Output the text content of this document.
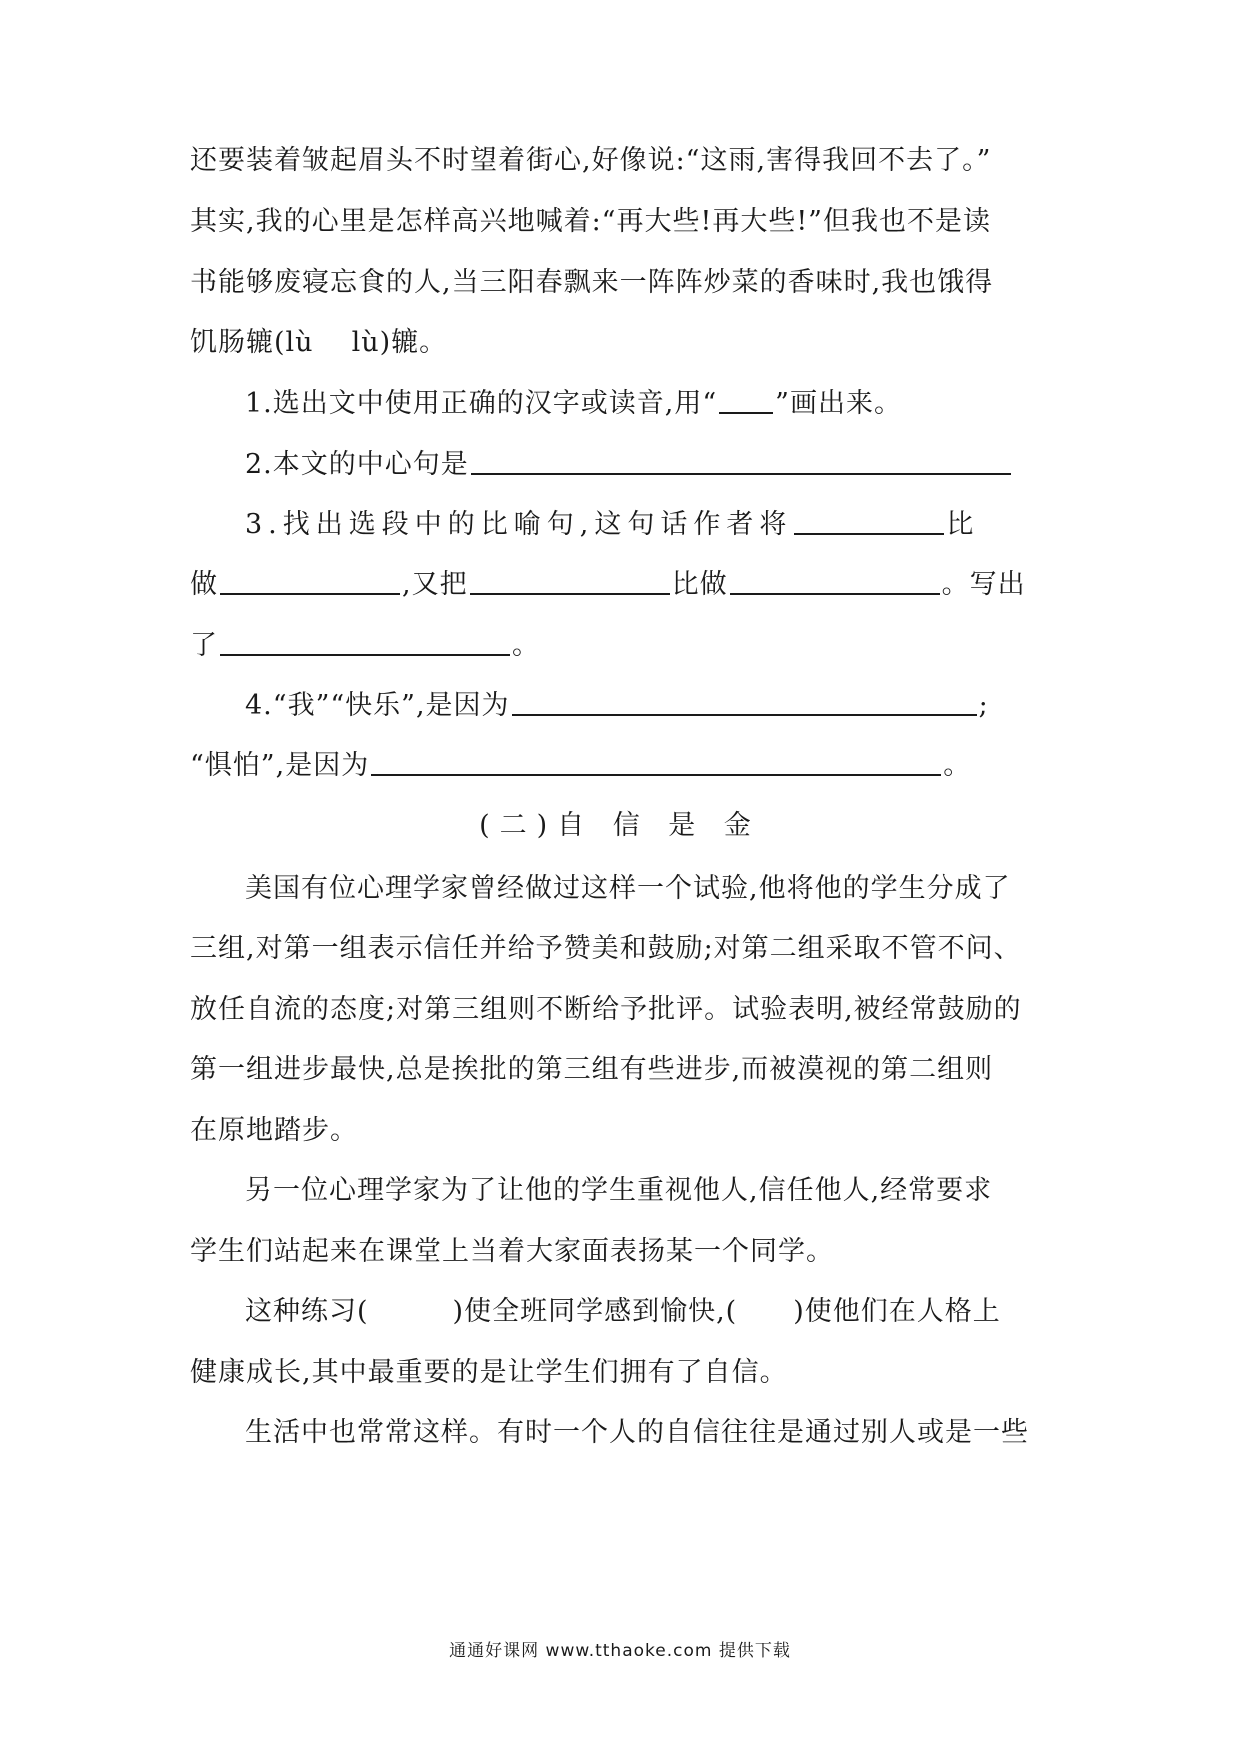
还要装着皱起眉头不时望着街心,好像说:“这雨,害得我回不去了。”
其实,我的心里是怎样高兴地喊着:“再大些!再大些!”但我也不是读
书能够废寝忘食的人,当三阳春飘来一阵阵炒菜的香味时,我也饿得
饥肠辘(lù lù)辘。
1.选出文中使用正确的汉字或读音,用“ ”画出来。
2.本文的中心句是
3.找出选段中的比喻句,这句话作者将	比
做	,又把	比做	。写出
了	。
4.“我”“快乐”,是因为	;
“惧怕”,是因为	。
(二)自 信 是 金
美国有位心理学家曾经做过这样一个试验,他将他的学生分成了
三组,对第一组表示信任并给予赞美和鼓励;对第二组采取不管不问、
放任自流的态度;对第三组则不断给予批评。试验表明,被经常鼓励的
第一组进步最快,总是挨批的第三组有些进步,而被漠视的第二组则
在原地踏步。
另一位心理学家为了让他的学生重视他人,信任他人,经常要求
学生们站起来在课堂上当着大家面表扬某一个同学。
这种练习(	)使全班同学感到愉快,( )使他们在人格上
健康成长,其中最重要的是让学生们拥有了自信。
生活中也常常这样。有时一个人的自信往往是通过别人或是一些
通通好课网 www.tthaoke.com 提供下载
